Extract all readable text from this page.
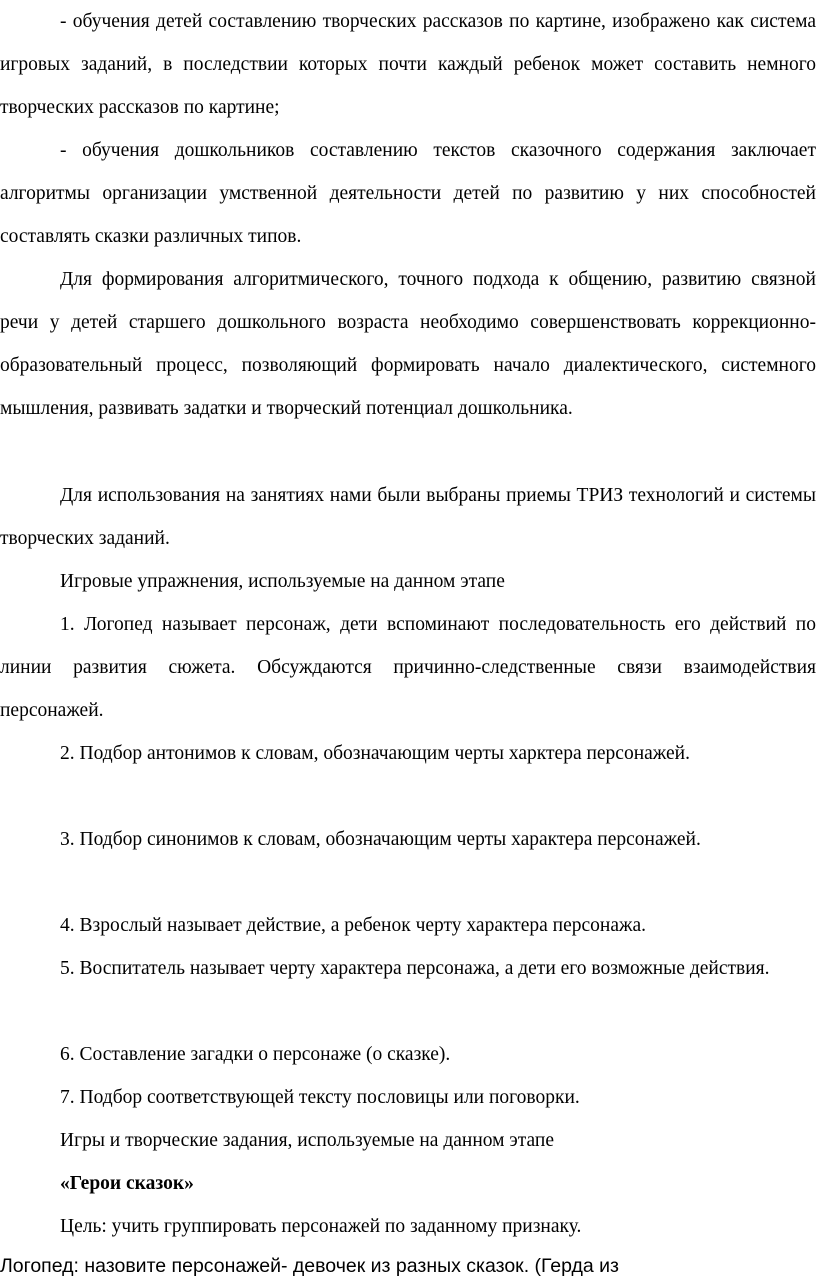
- обучения детей составлению творческих рассказов по картине, изображено как система игровых заданий, в последствии которых почти каждый ребенок может составить немного творческих рассказов по картине;
- обучения дошкольников составлению текстов сказочного содержания заключает алгоритмы организации умственной деятельности детей по развитию у них способностей составлять сказки различных типов.
Для формирования алгоритмического, точного подхода к общению, развитию связной речи у детей старшего дошкольного возраста необходимо совершенствовать коррекционно-образовательный процесс, позволяющий формировать начало диалектического, системного мышления, развивать задатки и творческий потенциал дошкольника.
Для использования на занятиях нами были выбраны приемы ТРИЗ технологий и системы творческих заданий.
Игровые упражнения, используемые на данном этапе
1. Логопед называет персонаж, дети вспоминают последовательность его действий по линии развития сюжета. Обсуждаются причинно-следственные связи взаимодействия персонажей.
2. Подбор антонимов к словам, обозначающим черты харктера персонажей.
3. Подбор синонимов к словам, обозначающим черты характера персонажей.
4. Взрослый называет действие, а ребенок черту характера персонажа.
5. Воспитатель называет черту характера персонажа, а дети его возможные действия.
6. Составление загадки о персонаже (о сказке).
7. Подбор соответствующей тексту пословицы или поговорки.
Игры и творческие задания, используемые на данном этапе
«Герои сказок»
Цель: учить группировать персонажей по заданному признаку.
Логопед: назовите персонажей- девочек из разных сказок. (Герда из
